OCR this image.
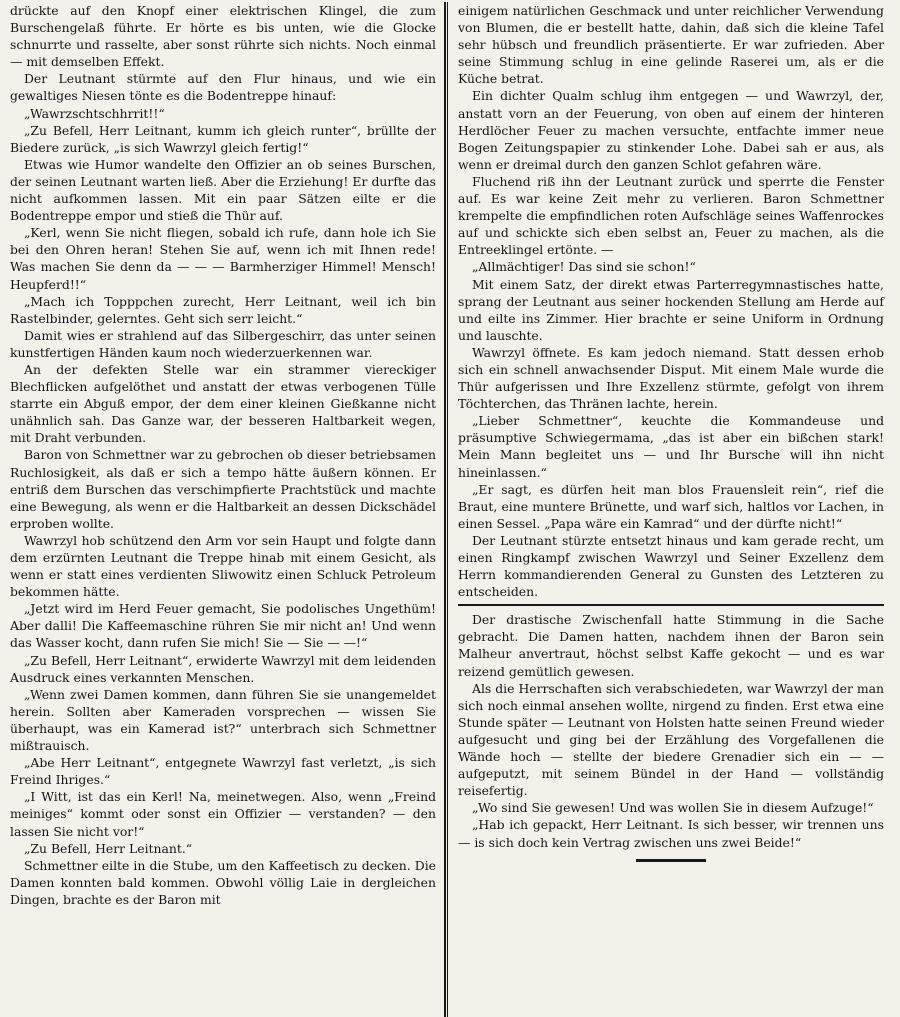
drückte auf den Knopf einer elektrischen Klingel, die zum Burschengelaß führte. Er hörte es bis unten, wie die Glocke schnurrte und rasselte, aber sonst rührte sich nichts. Noch einmal — mit demselben Effekt.

Der Leutnant stürmte auf den Flur hinaus, und wie ein gewaltiges Niesen tönte es die Bodentreppe hinauf:

„Wawrzschtschhrrit!!“

„Zu Befell, Herr Leitnant, kumm ich gleich runter“, brüllte der Biedere zurück, „is sich Wawrzyl gleich fertig!“

Etwas wie Humor wandelte den Offizier an ob seines Burschen, der seinen Leutnant warten ließ. Aber die Erziehung! Er durfte das nicht aufkommen lassen. Mit ein paar Sätzen eilte er die Bodentreppe empor und stieß die Thür auf.

„Kerl, wenn Sie nicht fliegen, sobald ich rufe, dann hole ich Sie bei den Ohren heran! Stehen Sie auf, wenn ich mit Ihnen rede! Was machen Sie denn da — — — Barmherziger Himmel! Mensch! Heupferd!!“

„Mach ich Topppchen zurecht, Herr Leitnant, weil ich bin Rastelbinder, gelerntes. Geht sich serr leicht.“

Damit wies er strahlend auf das Silbergeschirr, das unter seinen kunstfertigen Händen kaum noch wiederzuerkennen war.

An der defekten Stelle war ein strammer viereckiger Blechflicken aufgelöthet und anstatt der etwas verbogenen Tülle starrte ein Abguß empor, der dem einer kleinen Gießkanne nicht unähnlich sah. Das Ganze war, der besseren Haltbarkeit wegen, mit Draht verbunden.

Baron von Schmettner war zu gebrochen ob dieser betriebsamen Ruchlosigkeit, als daß er sich a tempo hätte äußern können. Er entriß dem Burschen das verschimpfierte Prachtstück und machte eine Bewegung, als wenn er die Haltbarkeit an dessen Dickschädel erproben wollte.

Wawrzyl hob schützend den Arm vor sein Haupt und folgte dann dem erzürnten Leutnant die Treppe hinab mit einem Gesicht, als wenn er statt eines verdienten Sliwowitz einen Schluck Petroleum bekommen hätte.

„Jetzt wird im Herd Feuer gemacht, Sie podolisches Ungethüm! Aber dalli! Die Kaffeemaschine rühren Sie mir nicht an! Und wenn das Wasser kocht, dann rufen Sie mich! Sie — Sie — —!“

„Zu Befell, Herr Leitnant“, erwiderte Wawrzyl mit dem leidenden Ausdruck eines verkannten Menschen.

„Wenn zwei Damen kommen, dann führen Sie sie unangemeldet herein. Sollten aber Kameraden vorsprechen — wissen Sie überhaupt, was ein Kamerad ist?“ unterbrach sich Schmettner mißtrauisch.

„Abe Herr Leitnant“, entgegnete Wawrzyl fast verletzt, „is sich Freind Ihriges.“

„I Witt, ist das ein Kerl! Na, meinetwegen. Also, wenn „Freind meiniges“ kommt oder sonst ein Offizier — verstanden? — den lassen Sie nicht vor!“

„Zu Befell, Herr Leitnant.“

Schmettner eilte in die Stube, um den Kaffeetisch zu decken. Die Damen konnten bald kommen. Obwohl völlig Laie in dergleichen Dingen, brachte es der Baron mit

einigem natürlichen Geschmack und unter reichlicher Verwendung von Blumen, die er bestellt hatte, dahin, daß sich die kleine Tafel sehr hübsch und freundlich präsentierte. Er war zufrieden. Aber seine Stimmung schlug in eine gelinde Raserei um, als er die Küche betrat.

Ein dichter Qualm schlug ihm entgegen — und Wawrzyl, der, anstatt vorn an der Feuerung, von oben auf einem der hinteren Herdlöcher Feuer zu machen versuchte, entfachte immer neue Bogen Zeitungspapier zu stinkender Lohe. Dabei sah er aus, als wenn er dreimal durch den ganzen Schlot gefahren wäre.

Fluchend riß ihn der Leutnant zurück und sperrte die Fenster auf. Es war keine Zeit mehr zu verlieren. Baron Schmettner krempelte die empfindlichen roten Aufschläge seines Waffenrockes auf und schickte sich eben selbst an, Feuer zu machen, als die Entreeklingel ertönte. —

„Allmächtiger! Das sind sie schon!“

Mit einem Satz, der direkt etwas Parterregymnastisches hatte, sprang der Leutnant aus seiner hockenden Stellung am Herde auf und eilte ins Zimmer. Hier brachte er seine Uniform in Ordnung und lauschte.

Wawrzyl öffnete. Es kam jedoch niemand. Statt dessen erhob sich ein schnell anwachsender Disput. Mit einem Male wurde die Thür aufgerissen und Ihre Exzellenz stürmte, gefolgt von ihrem Töchterchen, das Thränen lachte, herein.

„Lieber Schmettner“, keuchte die Kommandeuse und präsumptive Schwiegermama, „das ist aber ein bißchen stark! Mein Mann begleitet uns — und Ihr Bursche will ihn nicht hineinlassen.“

„Er sagt, es dürfen heit man blos Frauensleit rein“, rief die Braut, eine muntere Brünette, und warf sich, haltlos vor Lachen, in einen Sessel. „Papa wäre ein Kamrad“ und der dürfte nicht!“

Der Leutnant stürzte entsetzt hinaus und kam gerade recht, um einen Ringkampf zwischen Wawrzyl und Seiner Exzellenz dem Herrn kommandierenden General zu Gunsten des Letzteren zu entscheiden.

Der drastische Zwischenfall hatte Stimmung in die Sache gebracht. Die Damen hatten, nachdem ihnen der Baron sein Malheur anvertraut, höchst selbst Kaffe gekocht — und es war reizend gemütlich gewesen.

Als die Herrschaften sich verabschiedeten, war Wawrzyl der man sich noch einmal ansehen wollte, nirgend zu finden. Erst etwa eine Stunde später — Leutnant von Holsten hatte seinen Freund wieder aufgesucht und ging bei der Erzählung des Vorgefallenen die Wände hoch — stellte der biedere Grenadier sich ein — — aufgeputzt, mit seinem Bündel in der Hand — vollständig reisefertig.

„Wo sind Sie gewesen! Und was wollen Sie in diesem Aufzuge!“

„Hab ich gepackt, Herr Leitnant. Is sich besser, wir trennen uns — is sich doch kein Vertrag zwischen uns zwei Beide!“
